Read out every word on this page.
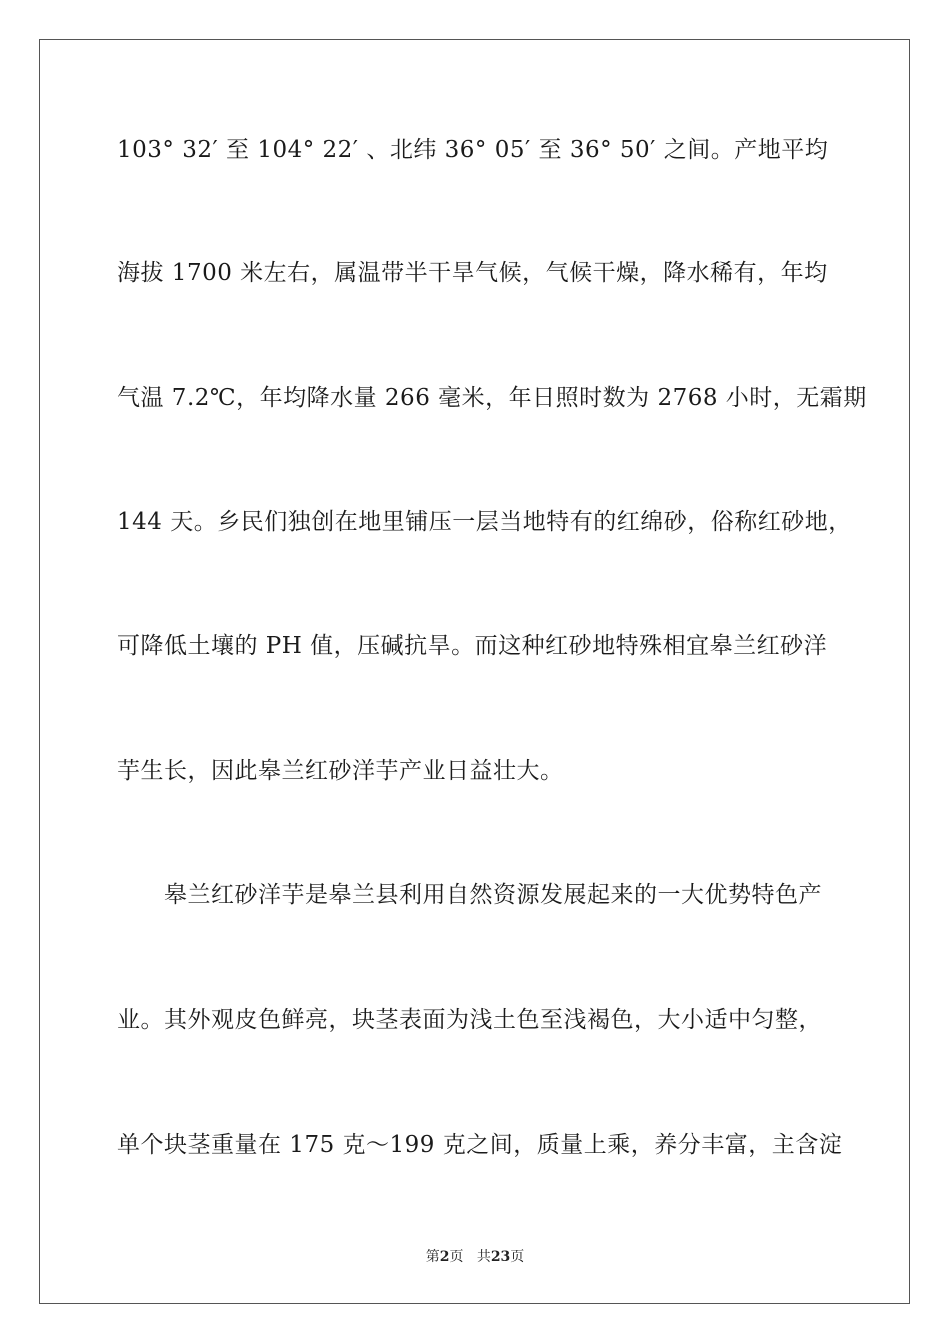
103° 32′ 至 104° 22′ 、北纬 36° 05′ 至 36° 50′ 之间。产地平均
海拔 1700 米左右，属温带半干旱气候，气候干燥，降水稀有，年均
气温 7.2℃，年均降水量 266 毫米，年日照时数为 2768 小时，无霜期
144 天。乡民们独创在地里铺压一层当地特有的红绵砂，俗称红砂地，
可降低土壤的 PH 值，压碱抗旱。而这种红砂地特殊相宜皋兰红砂洋
芋生长，因此皋兰红砂洋芋产业日益壮大。
　　皋兰红砂洋芋是皋兰县利用自然资源发展起来的一大优势特色产
业。其外观皮色鲜亮，块茎表面为浅土色至浅褐色，大小适中匀整，
单个块茎重量在 175 克～199 克之间，质量上乘，养分丰富，主含淀
第2页 共23页
